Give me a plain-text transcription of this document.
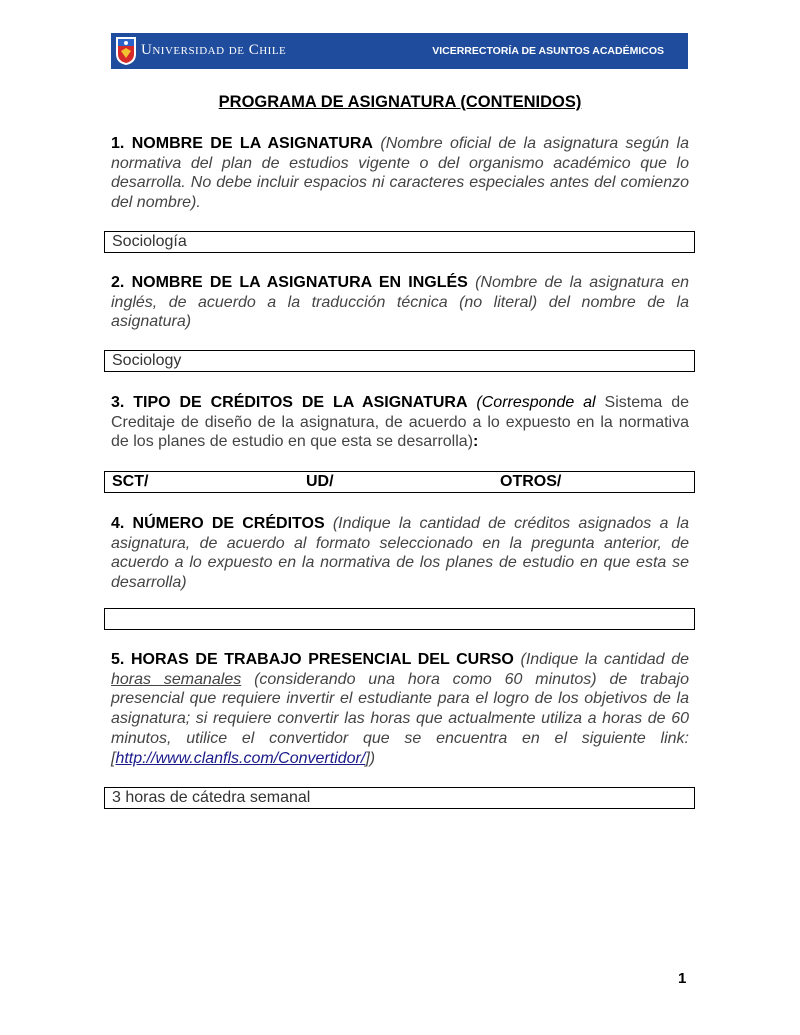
Universidad de Chile	VICERRECTORÍA DE ASUNTOS ACADÉMICOS
PROGRAMA DE ASIGNATURA (CONTENIDOS)
1. NOMBRE DE LA ASIGNATURA (Nombre oficial de la asignatura según la normativa del plan de estudios vigente o del organismo académico que lo desarrolla. No debe incluir espacios ni caracteres especiales antes del comienzo del nombre).
Sociología
2. NOMBRE DE LA ASIGNATURA EN INGLÉS (Nombre de la asignatura en inglés, de acuerdo a la traducción técnica (no literal) del nombre de la asignatura)
Sociology
3. TIPO DE CRÉDITOS DE LA ASIGNATURA (Corresponde al Sistema de Creditaje de diseño de la asignatura, de acuerdo a lo expuesto en la normativa de los planes de estudio en que esta se desarrolla):
SCT/	UD/	OTROS/
4. NÚMERO DE CRÉDITOS (Indique la cantidad de créditos asignados a la asignatura, de acuerdo al formato seleccionado en la pregunta anterior, de acuerdo a lo expuesto en la normativa de los planes de estudio en que esta se desarrolla)
5. HORAS DE TRABAJO PRESENCIAL DEL CURSO (Indique la cantidad de horas semanales (considerando una hora como 60 minutos) de trabajo presencial que requiere invertir el estudiante para el logro de los objetivos de la asignatura; si requiere convertir las horas que actualmente utiliza a horas de 60 minutos, utilice el convertidor que se encuentra en el siguiente link: [http://www.clanfls.com/Convertidor/])
3 horas de cátedra semanal
1
